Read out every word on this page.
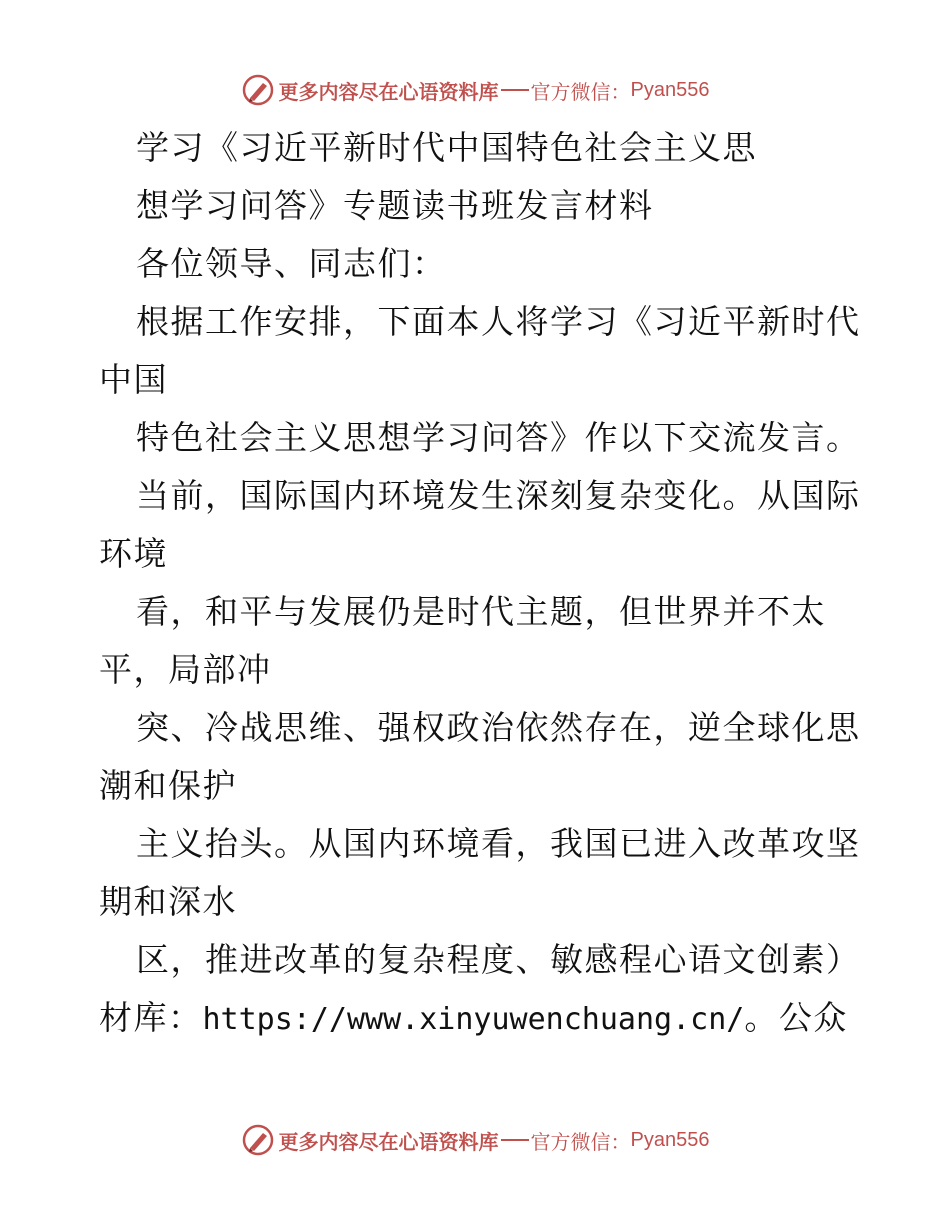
更多内容尽在心语资料库 官方微信： Pyan556
学习《习近平新时代中国特色社会主义思
想学习问答》专题读书班发言材料
各位领导、同志们：
根据工作安排，下面本人将学习《习近平新时代
中国
特色社会主义思想学习问答》作以下交流发言。
当前，国际国内环境发生深刻复杂变化。从国际
环境
看，和平与发展仍是时代主题，但世界并不太
平，局部冲
突、冷战思维、强权政治依然存在，逆全球化思
潮和保护
主义抬头。从国内环境看，我国已进入改革攻坚
期和深水
区，推进改革的复杂程度、敏感程心语文创素）
材库：https://www.xinyuwenchuang.cn/。公众
更多内容尽在心语资料库 官方微信： Pyan556
